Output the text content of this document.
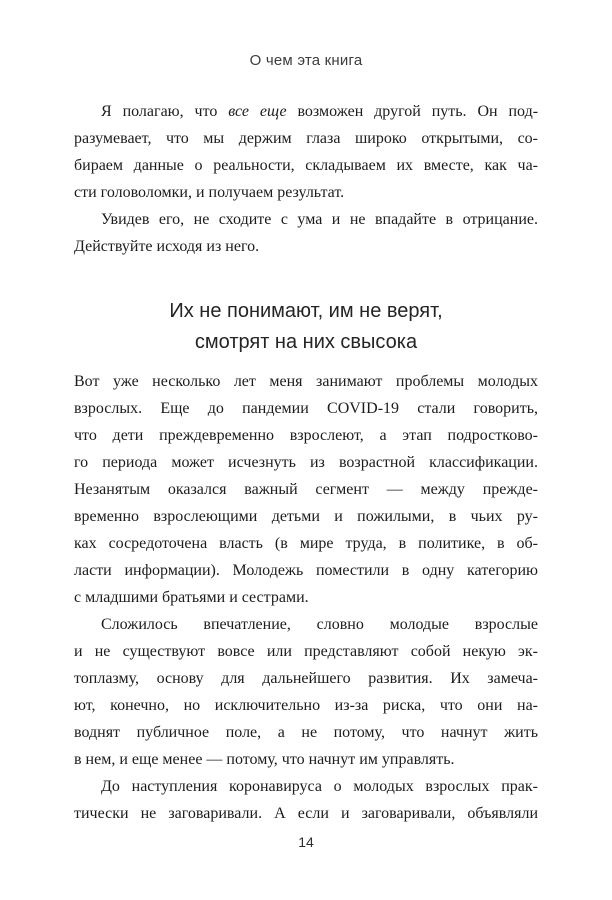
О чем эта книга
Я полагаю, что все еще возможен другой путь. Он под-
разумевает, что мы держим глаза широко открытыми, со-
бираем данные о реальности, складываем их вместе, как ча-
сти головоломки, и получаем результат.
Увидев его, не сходите с ума и не впадайте в отрицание.
Действуйте исходя из него.
Их не понимают, им не верят,
смотрят на них свысока
Вот уже несколько лет меня занимают проблемы молодых
взрослых. Еще до пандемии COVID-19 стали говорить,
что дети преждевременно взрослеют, а этап подростково-
го периода может исчезнуть из возрастной классификации.
Незанятым оказался важный сегмент — между прежде-
временно взрослеющими детьми и пожилыми, в чьих ру-
ках сосредоточена власть (в мире труда, в политике, в об-
ласти информации). Молодежь поместили в одну категорию
с младшими братьями и сестрами.
Сложилось впечатление, словно молодые взрослые
и не существуют вовсе или представляют собой некую эк-
топлазму, основу для дальнейшего развития. Их замеча-
ют, конечно, но исключительно из-за риска, что они на-
воднят публичное поле, а не потому, что начнут жить
в нем, и еще менее — потому, что начнут им управлять.
До наступления коронавируса о молодых взрослых прак-
тически не заговаривали. А если и заговаривали, объявляли
14
